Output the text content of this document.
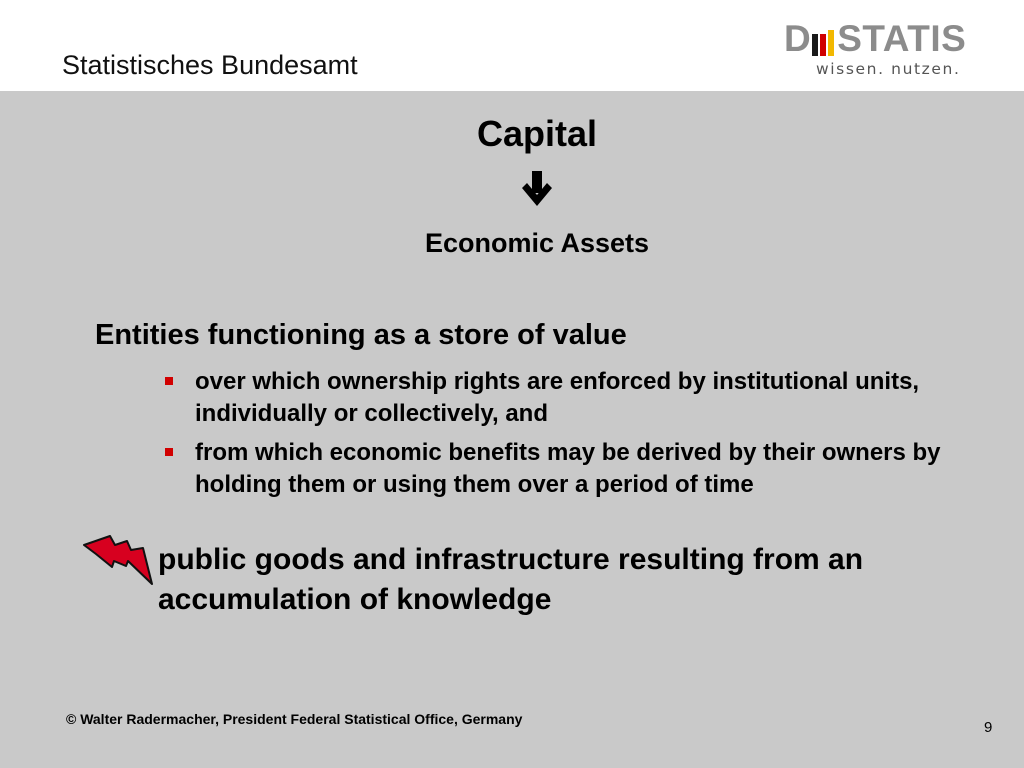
Statistisches Bundesamt
D STATIS
wissen. nutzen.
Capital
Economic Assets
Entities functioning as a store of value
over which ownership rights are enforced by institutional units, individually or collectively, and
from which economic benefits may be derived by their owners by holding them or using them over a period of time
public goods and infrastructure resulting from an accumulation of knowledge
© Walter Radermacher, President Federal Statistical Office, Germany	9
